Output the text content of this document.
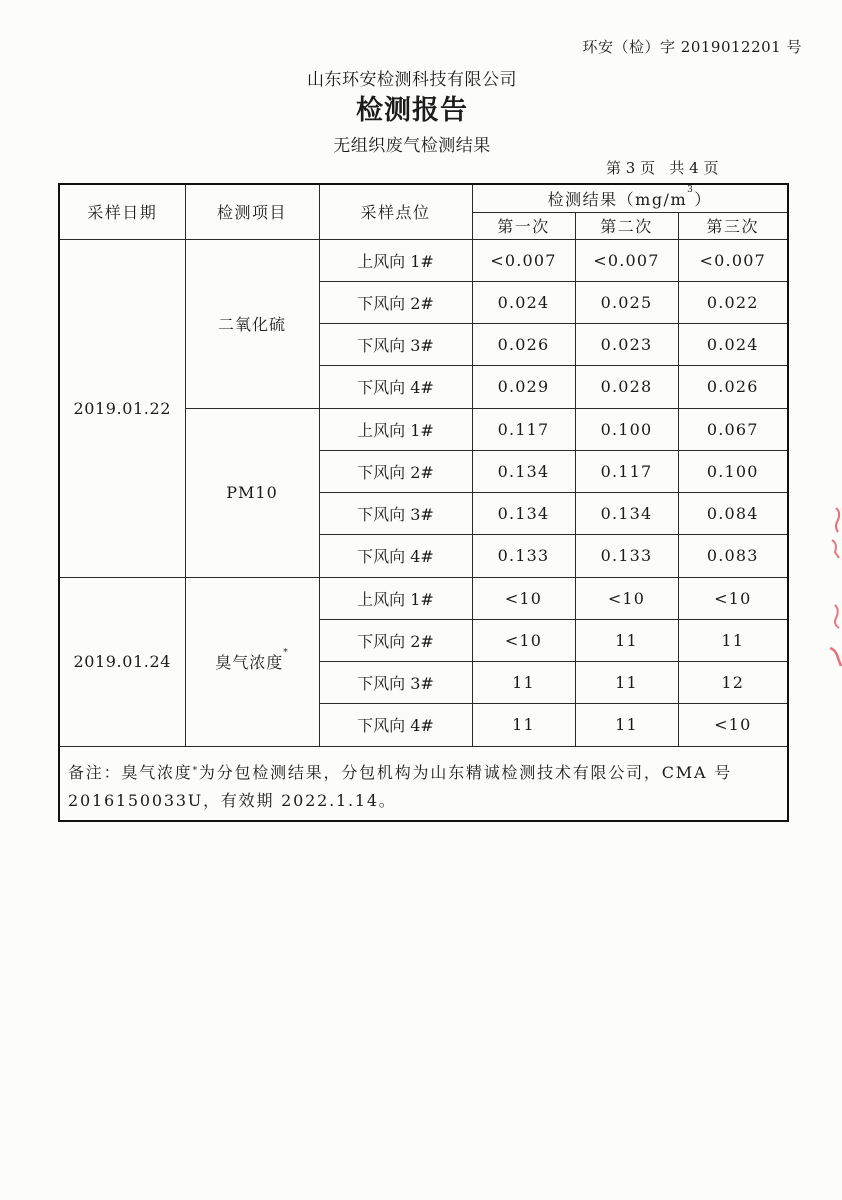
环安（检）字 2019012201 号
山东环安检测科技有限公司
检测报告
无组织废气检测结果
第 3 页   共 4 页
采样日期	检测项目	采样点位	检测结果$(mg/m^3)$		
			第一次	第二次	第三次
2019.01.22	二氧化硫	上风向 1#	<0.007	<0.007	<0.007
		下风向 2#	0.024	0.025	0.022
		下风向 3#	0.026	0.023	0.024
		下风向 4#	0.029	0.028	0.026
	PM10	上风向 1#	0.117	0.100	0.067
		下风向 2#	0.134	0.117	0.100
		下风向 3#	0.134	0.134	0.084
		下风向 4#	0.133	0.133	0.083
2019.01.24	臭气浓度*	上风向 1#	<10	<10	<10
		下风向 2#	<10	11	11
		下风向 3#	11	11	12
		下风向 4#	11	11	<10

备注：臭气浓度*为分包检测结果，分包机构为山东精诚检测技术有限公司，CMA 号
2016150033U，有效期 2022.1.14。					
